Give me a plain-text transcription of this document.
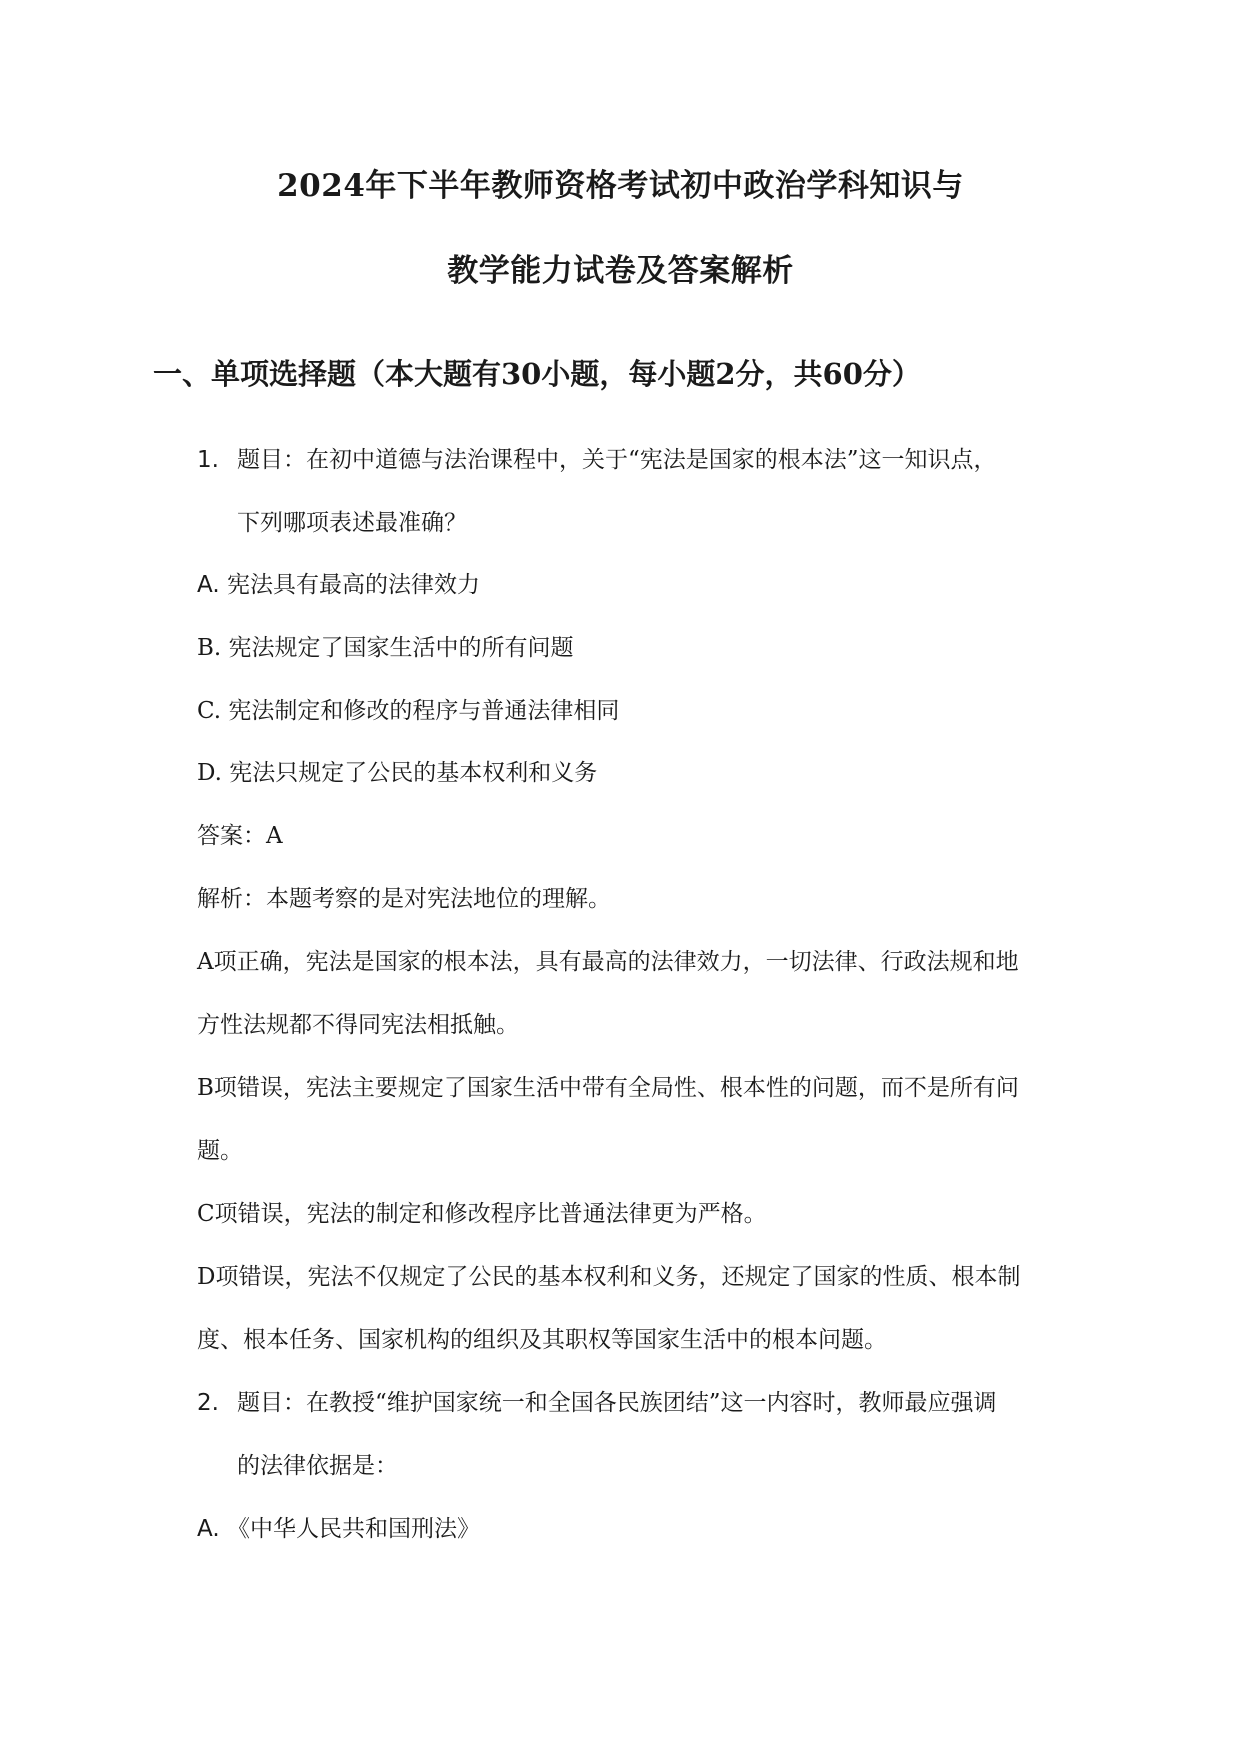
2024年下半年教师资格考试初中政治学科知识与
教学能力试卷及答案解析
一、单项选择题（本大题有30小题，每小题2分，共60分）
1. 题目：在初中道德与法治课程中，关于“宪法是国家的根本法”这一知识点，
下列哪项表述最准确？
A. 宪法具有最高的法律效力
B. 宪法规定了国家生活中的所有问题
C. 宪法制定和修改的程序与普通法律相同
D. 宪法只规定了公民的基本权利和义务
答案：A
解析：本题考察的是对宪法地位的理解。
A项正确，宪法是国家的根本法，具有最高的法律效力，一切法律、行政法规和地
方性法规都不得同宪法相抵触。
B项错误，宪法主要规定了国家生活中带有全局性、根本性的问题，而不是所有问
题。
C项错误，宪法的制定和修改程序比普通法律更为严格。
D项错误，宪法不仅规定了公民的基本权利和义务，还规定了国家的性质、根本制
度、根本任务、国家机构的组织及其职权等国家生活中的根本问题。
2. 题目：在教授“维护国家统一和全国各民族团结”这一内容时，教师最应强调
的法律依据是：
A. 《中华人民共和国刑法》
